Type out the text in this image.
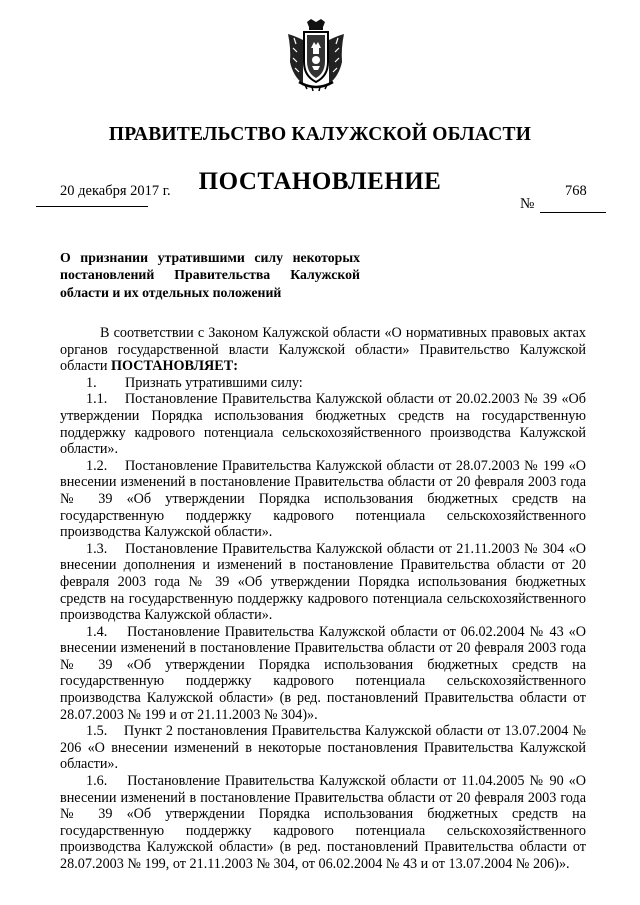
ПРАВИТЕЛЬСТВО КАЛУЖСКОЙ ОБЛАСТИ
ПОСТАНОВЛЕНИЕ
20 декабря 2017 г.	768
№
О признании утратившими силу некоторых постановлений Правительства Калужской области и их отдельных положений

В соответствии с Законом Калужской области «О нормативных правовых актах органов государственной власти Калужской области» Правительство Калужской области ПОСТАНОВЛЯЕТ:

1. Признать утратившими силу:

1.1. Постановление Правительства Калужской области от 20.02.2003 № 39 «Об утверждении Порядка использования бюджетных средств на государственную поддержку кадрового потенциала сельскохозяйственного производства Калужской области».

1.2. Постановление Правительства Калужской области от 28.07.2003 № 199 «О внесении изменений в постановление Правительства области от 20 февраля 2003 года № 39 «Об утверждении Порядка использования бюджетных средств на государственную поддержку кадрового потенциала сельскохозяйственного производства Калужской области».

1.3. Постановление Правительства Калужской области от 21.11.2003 № 304 «О внесении дополнения и изменений в постановление Правительства области от 20 февраля 2003 года № 39 «Об утверждении Порядка использования бюджетных средств на государственную поддержку кадрового потенциала сельскохозяйственного производства Калужской области».

1.4. Постановление Правительства Калужской области от 06.02.2004 № 43 «О внесении изменений в постановление Правительства области от 20 февраля 2003 года № 39 «Об утверждении Порядка использования бюджетных средств на государственную поддержку кадрового потенциала сельскохозяйственного производства Калужской области» (в ред. постановлений Правительства области от 28.07.2003 № 199 и от 21.11.2003 № 304)».

1.5. Пункт 2 постановления Правительства Калужской области от 13.07.2004 № 206 «О внесении изменений в некоторые постановления Правительства Калужской области».

1.6. Постановление Правительства Калужской области от 11.04.2005 № 90 «О внесении изменений в постановление Правительства области от 20 февраля 2003 года № 39 «Об утверждении Порядка использования бюджетных средств на государственную поддержку кадрового потенциала сельскохозяйственного производства Калужской области» (в ред. постановлений Правительства области от 28.07.2003 № 199, от 21.11.2003 № 304, от 06.02.2004 № 43 и от 13.07.2004 № 206)».
